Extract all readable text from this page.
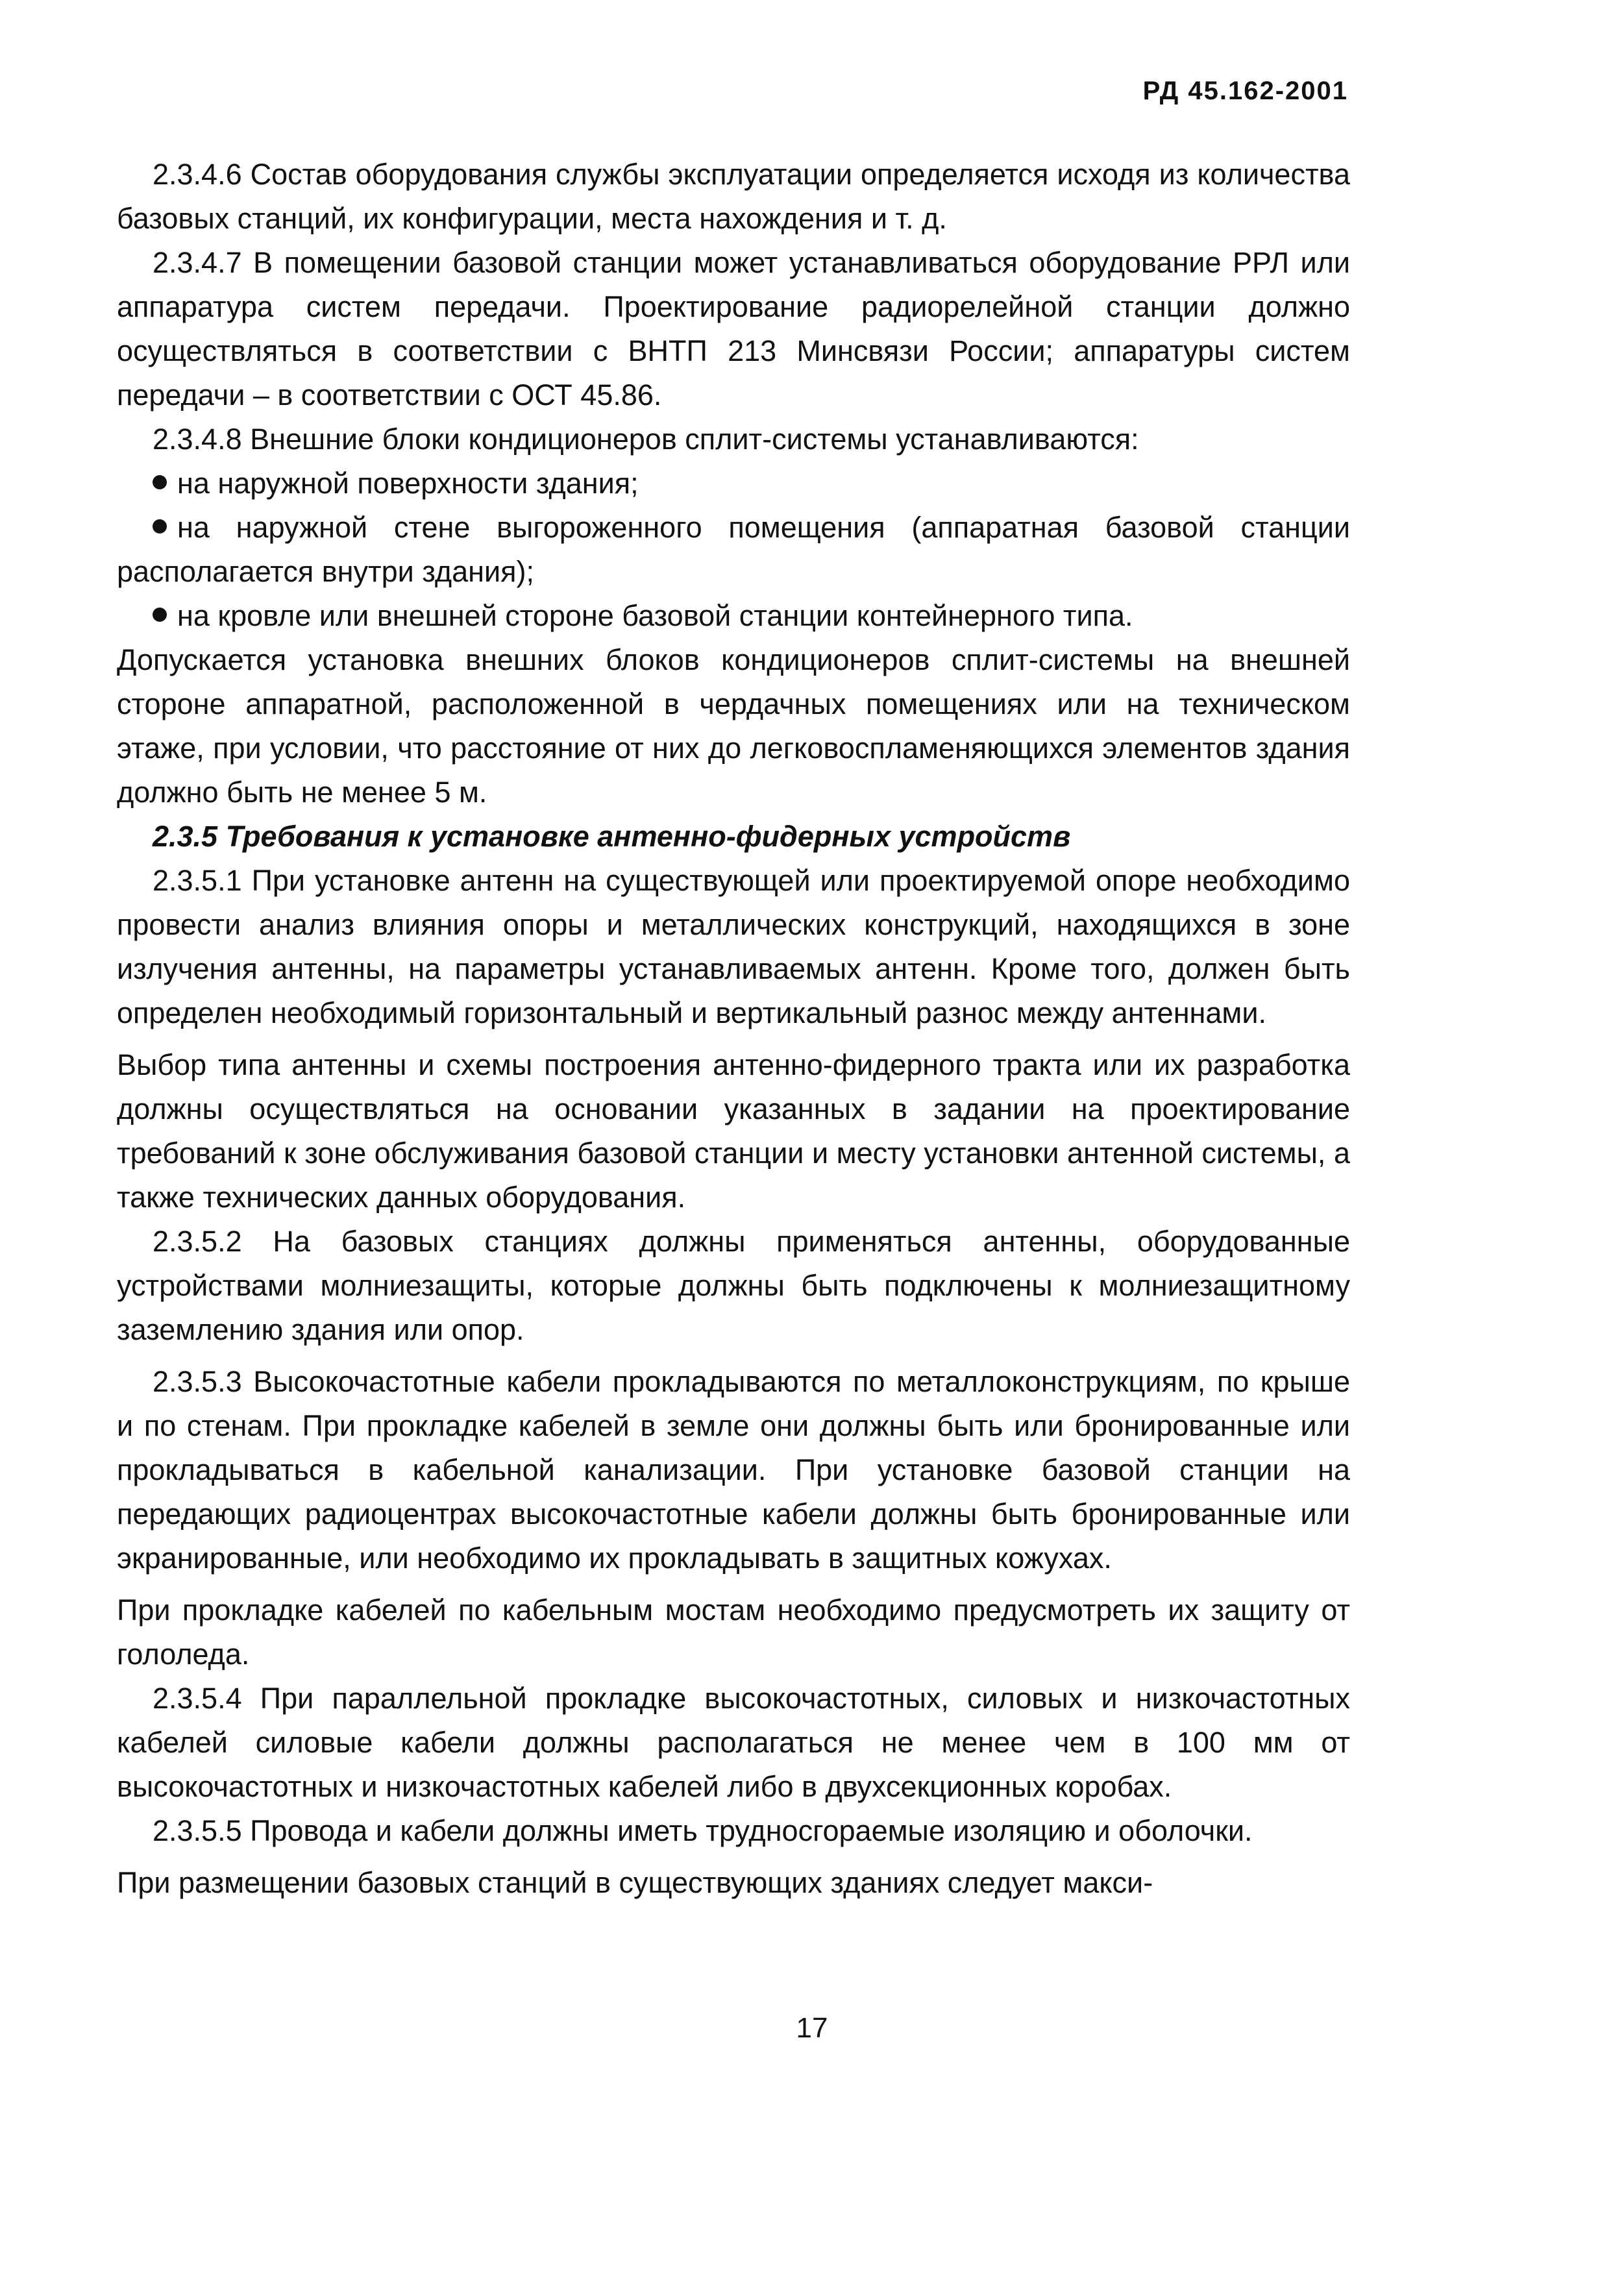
РД 45.162-2001

2.3.4.6 Состав оборудования службы эксплуатации определяется исходя из количества базовых станций, их конфигурации, места нахождения и т. д.

2.3.4.7 В помещении базовой станции может устанавливаться оборудование РРЛ или аппаратура систем передачи. Проектирование радиорелейной станции должно осуществляться в соответствии с ВНТП 213 Минсвязи России; аппаратуры систем передачи – в соответствии с ОСТ 45.86.

2.3.4.8 Внешние блоки кондиционеров сплит-системы устанавливаются:

на наружной поверхности здания;

на наружной стене выгороженного помещения (аппаратная базовой станции располагается внутри здания);

на кровле или внешней стороне базовой станции контейнерного типа.

Допускается установка внешних блоков кондиционеров сплит-системы на внешней стороне аппаратной, расположенной в чердачных помещениях или на техническом этаже, при условии, что расстояние от них до легковоспламеняющихся элементов здания должно быть не менее 5 м.

2.3.5 Требования к установке антенно-фидерных устройств

2.3.5.1 При установке антенн на существующей или проектируемой опоре необходимо провести анализ влияния опоры и металлических конструкций, находящихся в зоне излучения антенны, на параметры устанавливаемых антенн. Кроме того, должен быть определен необходимый горизонтальный и вертикальный разнос между антеннами.

Выбор типа антенны и схемы построения антенно-фидерного тракта или их разработка должны осуществляться на основании указанных в задании на проектирование требований к зоне обслуживания базовой станции и месту установки антенной системы, а также технических данных оборудования.

2.3.5.2 На базовых станциях должны применяться антенны, оборудованные устройствами молниезащиты, которые должны быть подключены к молниезащитному заземлению здания или опор.

2.3.5.3 Высокочастотные кабели прокладываются по металлоконструкциям, по крыше и по стенам. При прокладке кабелей в земле они должны быть или бронированные или прокладываться в кабельной канализации. При установке базовой станции на передающих радиоцентрах высокочастотные кабели должны быть бронированные или экранированные, или необходимо их прокладывать в защитных кожухах.

При прокладке кабелей по кабельным мостам необходимо предусмотреть их защиту от гололеда.

2.3.5.4 При параллельной прокладке высокочастотных, силовых и низкочастотных кабелей силовые кабели должны располагаться не менее чем в 100 мм от высокочастотных и низкочастотных кабелей либо в двухсекционных коробах.

2.3.5.5 Провода и кабели должны иметь трудносгораемые изоляцию и оболочки.

При размещении базовых станций в существующих зданиях следует макси-

17
